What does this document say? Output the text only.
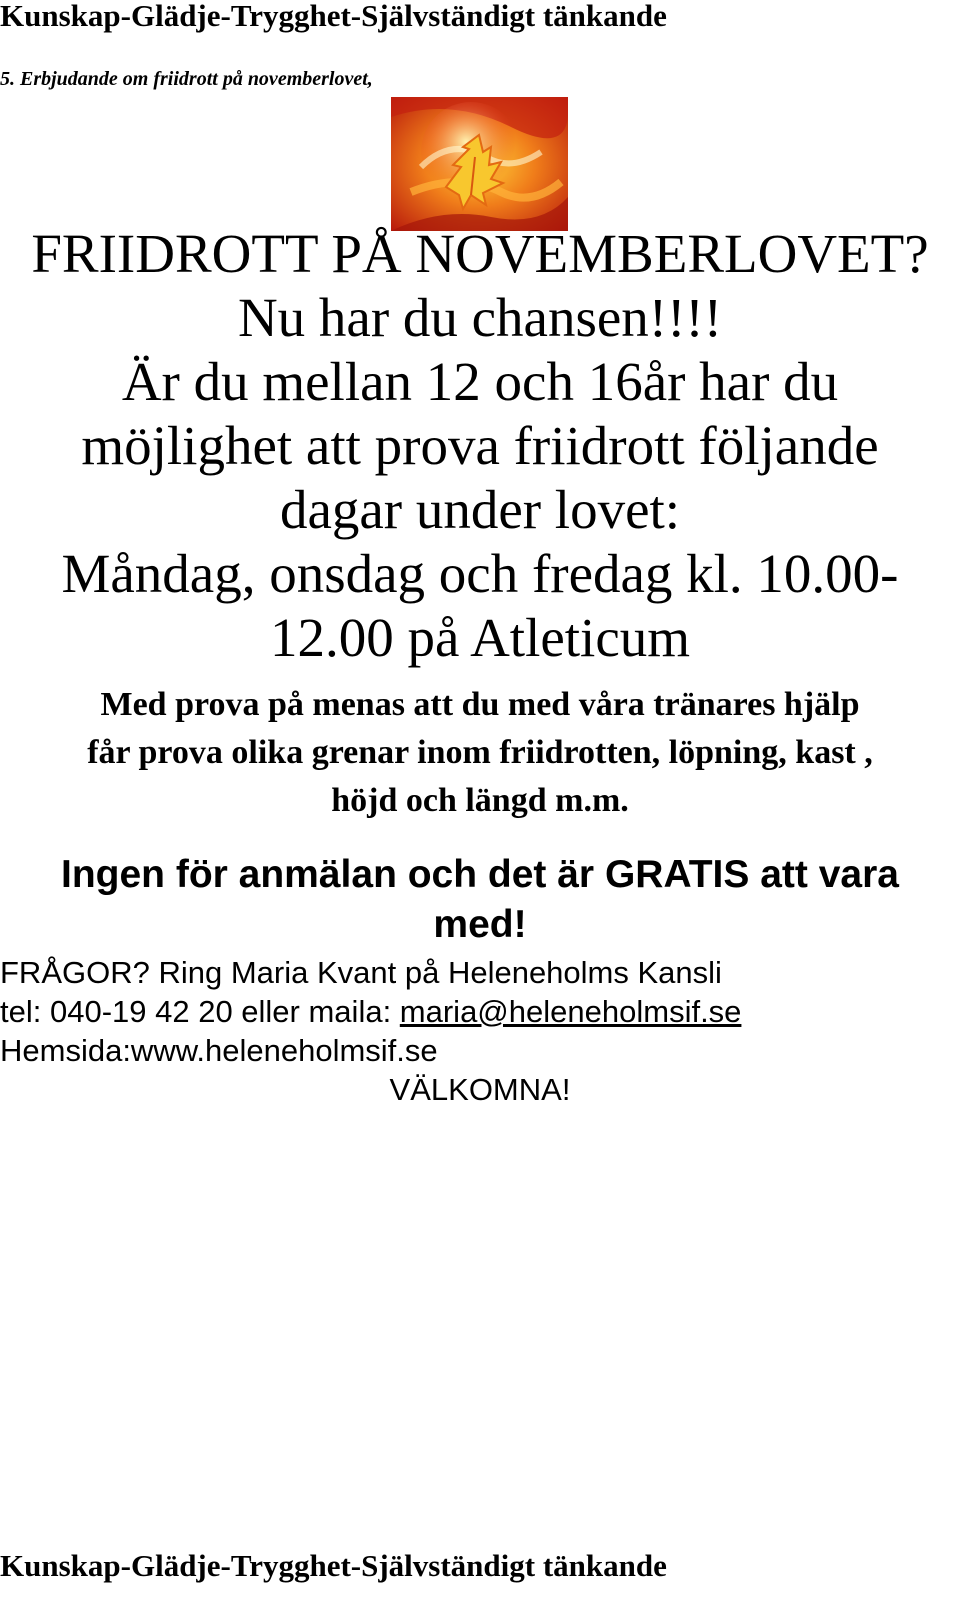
Kunskap-Glädje-Trygghet-Självständigt tänkande
5. Erbjudande om friidrott på novemberlovet,
FRIIDROTT PÅ NOVEMBERLOVET?
Nu har du chansen!!!!
Är du mellan 12 och 16år har du
möjlighet att prova friidrott följande
dagar under lovet:
Måndag, onsdag och fredag kl. 10.00-
12.00 på Atleticum
Med prova på menas att du med våra tränares hjälp
får prova olika grenar inom friidrotten, löpning, kast ,
höjd och längd m.m.
Ingen för anmälan och det är GRATIS att vara
med!
FRÅGOR? Ring Maria Kvant på Heleneholms Kansli
tel: 040-19 42 20 eller maila: maria@heleneholmsif.se
Hemsida:www.heleneholmsif.se
VÄLKOMNA!
Kunskap-Glädje-Trygghet-Självständigt tänkande
